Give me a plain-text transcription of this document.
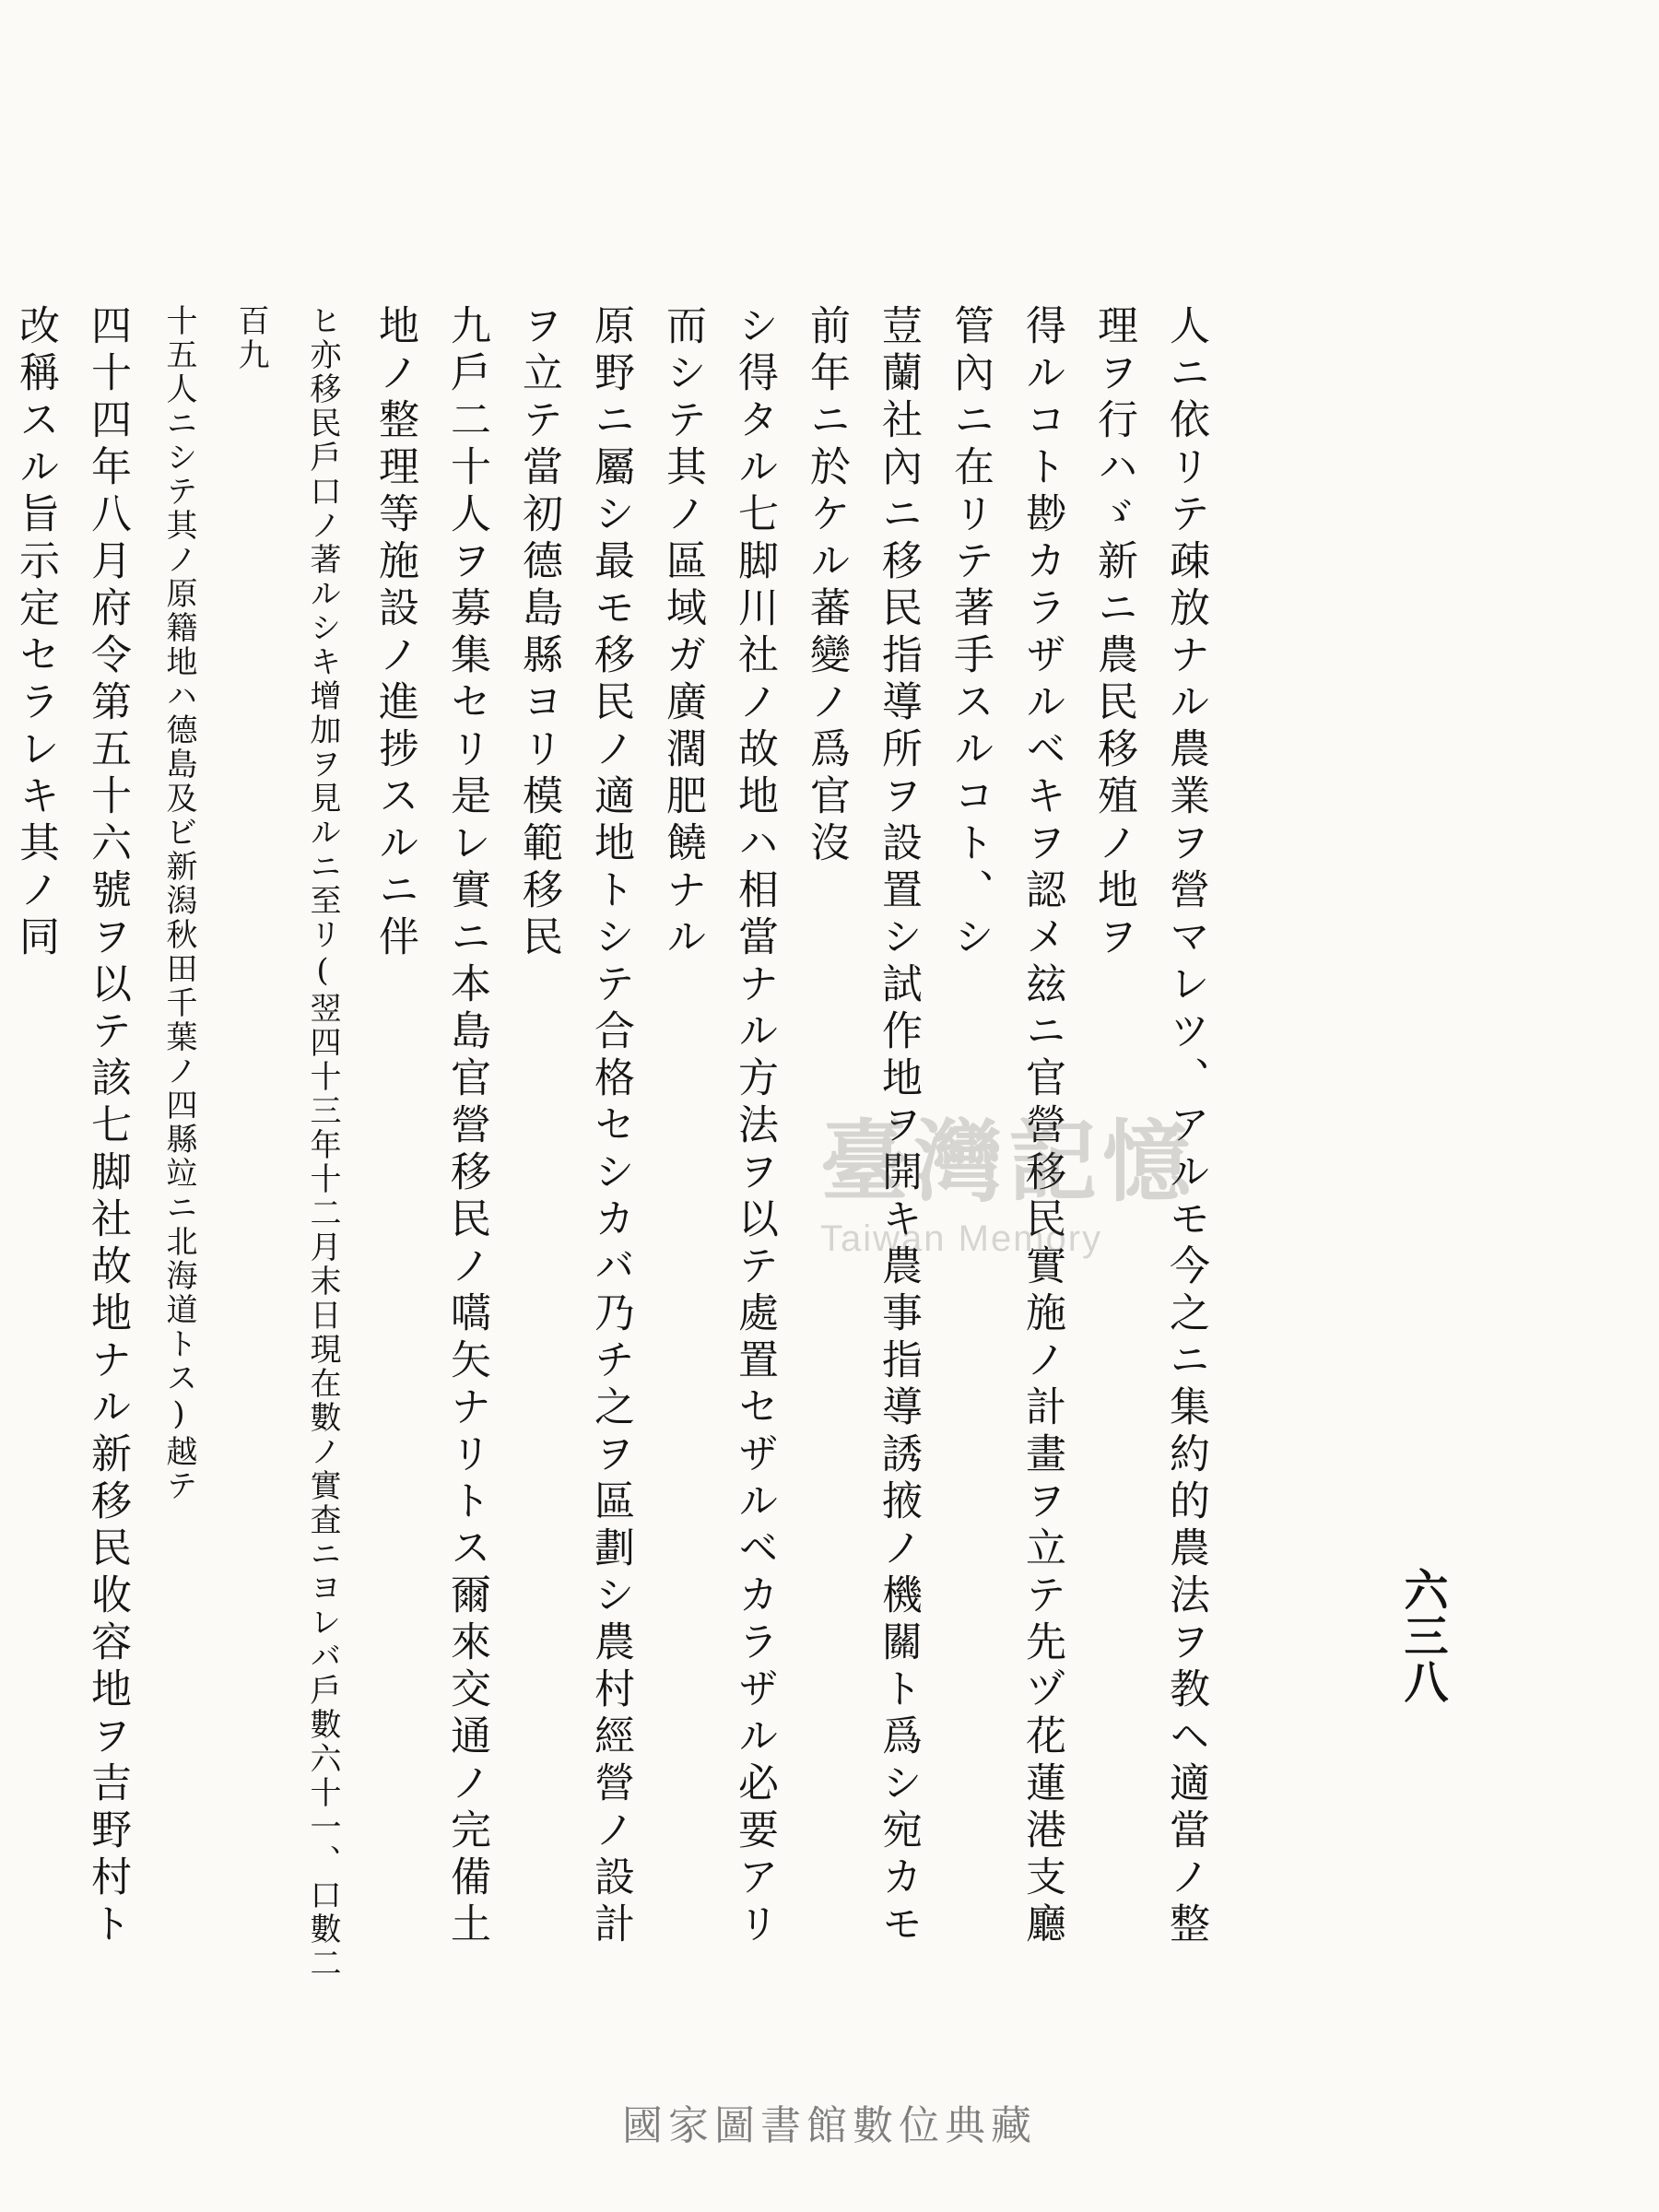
六三八
人ニ依リテ疎放ナル農業ヲ營マレツ、アルモ今之ニ集約的農法ヲ教ヘ適當ノ整理ヲ行ハゞ新ニ農民移殖ノ地ヲ
得ルコト尠カラザルベキヲ認メ玆ニ官營移民實施ノ計畫ヲ立テ先ヅ花蓮港支廳管內ニ在リテ著手スルコト、シ
荳蘭社內ニ移民指導所ヲ設置シ試作地ヲ開キ農事指導誘掖ノ機關ト爲シ宛カモ前年ニ於ケル蕃變ノ爲官沒
シ得タル七脚川社ノ故地ハ相當ナル方法ヲ以テ處置セザルベカラザル必要アリ而シテ其ノ區域ガ廣濶肥饒ナル
原野ニ屬シ最モ移民ノ適地トシテ合格セシカバ乃チ之ヲ區劃シ農村經營ノ設計ヲ立テ當初德島縣ヨリ模範移民
九戶二十人ヲ募集セリ是レ實ニ本島官營移民ノ嚆矢ナリトス爾來交通ノ完備土地ノ整理等施設ノ進捗スルニ伴
ヒ亦移民戶口ノ著ルシキ增加ヲ見ルニ至リ(翌四十三年十二月末日現在數ノ實査ニヨレバ戶數六十一、口數二百九
十五人ニシテ其ノ原籍地ハ德島及ビ新潟秋田千葉ノ四縣竝ニ北海道トス)越テ
四十四年八月府令第五十六號ヲ以テ該七脚社故地ナル新移民收容地ヲ吉野村ト改稱スル旨示定セラレキ其ノ同

臺灣記憶
Taiwan Memory
國家圖書館數位典藏
